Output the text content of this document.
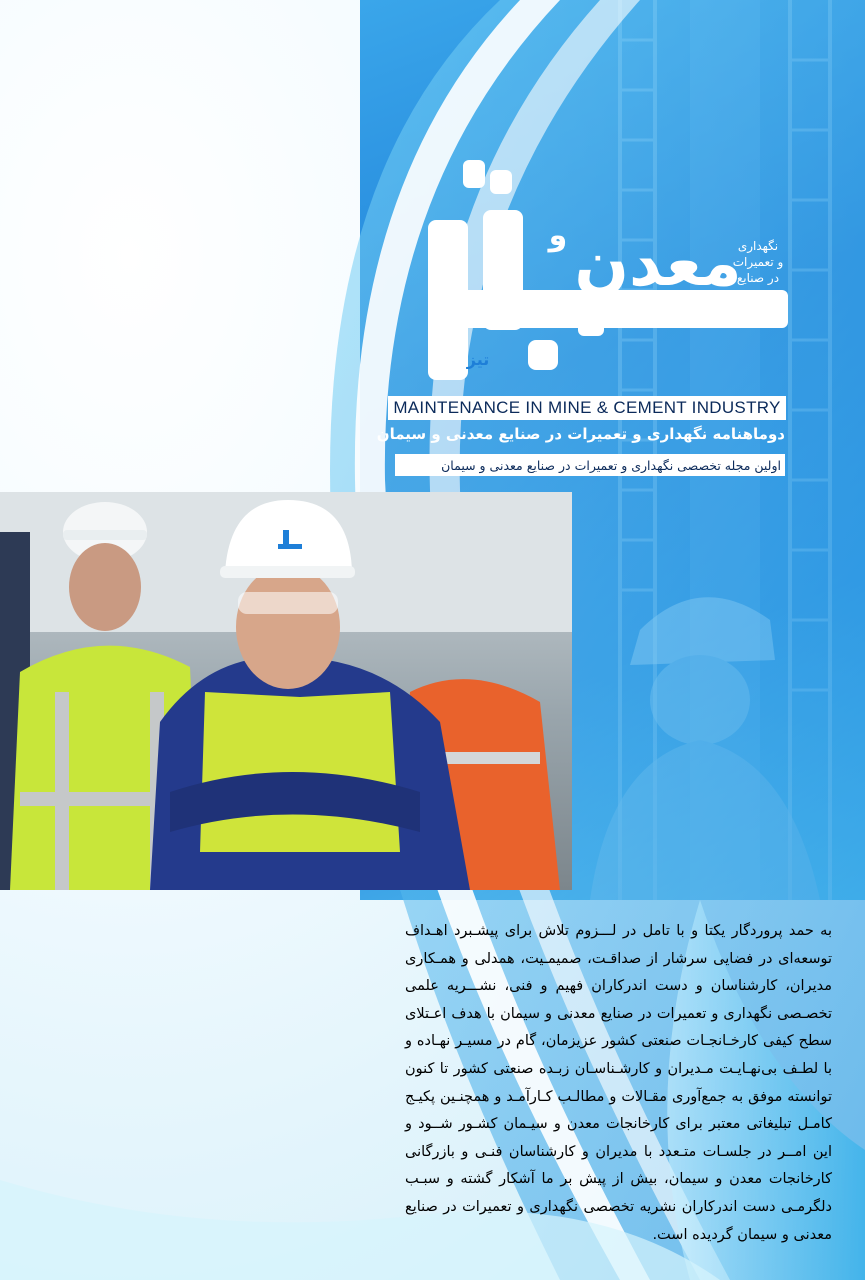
معدن
و
تیز
نگهداری
و تعمیرات
در صنایع
MAINTENANCE IN MINE & CEMENT INDUSTRY
دوماهنامه نگهداری و تعمیرات در صنایع معدنی و سیمان
اولین مجله تخصصی نگهداری و تعمیرات در صنایع معدنی و سیمان
به حمد پروردگار یکتا و با تامل در لـــزوم تلاش برای پیشـبرد اهـداف توسعه‌ای در فضایی سرشار از صداقـت، صمیمـیت، همدلی و همـکاری مدیران، کارشناسان و دست اندرکاران فهیم و فنی، نشـــریه علمی تخصـصی نگهداری و تعمیرات در صنایع معدنی و سیمان با هدف اعـتلای سطح کیفی کارخـانجـات صنعتی کشور عزیزمان، گام در مسیـر نهـاده و با لطـف بی‌نهـایـت مـدیران و کارشـناسـان زبـده صنعتی کشور تا کنون توانسته موفق به جمع‌آوری مقـالات و مطالـب کـارآمـد و همچنـین پکیـج کامـل تبلیغاتی معتبر برای کارخانجات معدن و سیـمان کشـور شــود و این امــر در جلسـات متـعدد با مدیران و کارشناسان فنـی و بازرگانی کارخانجات معدن و سیمان، بیش از پیش بر ما آشکار گشته و سبـب دلگرمـی دست اندرکاران نشریه تخصصی نگهداری و تعمیرات در صنایع معدنی و سیمان گردیده است.
